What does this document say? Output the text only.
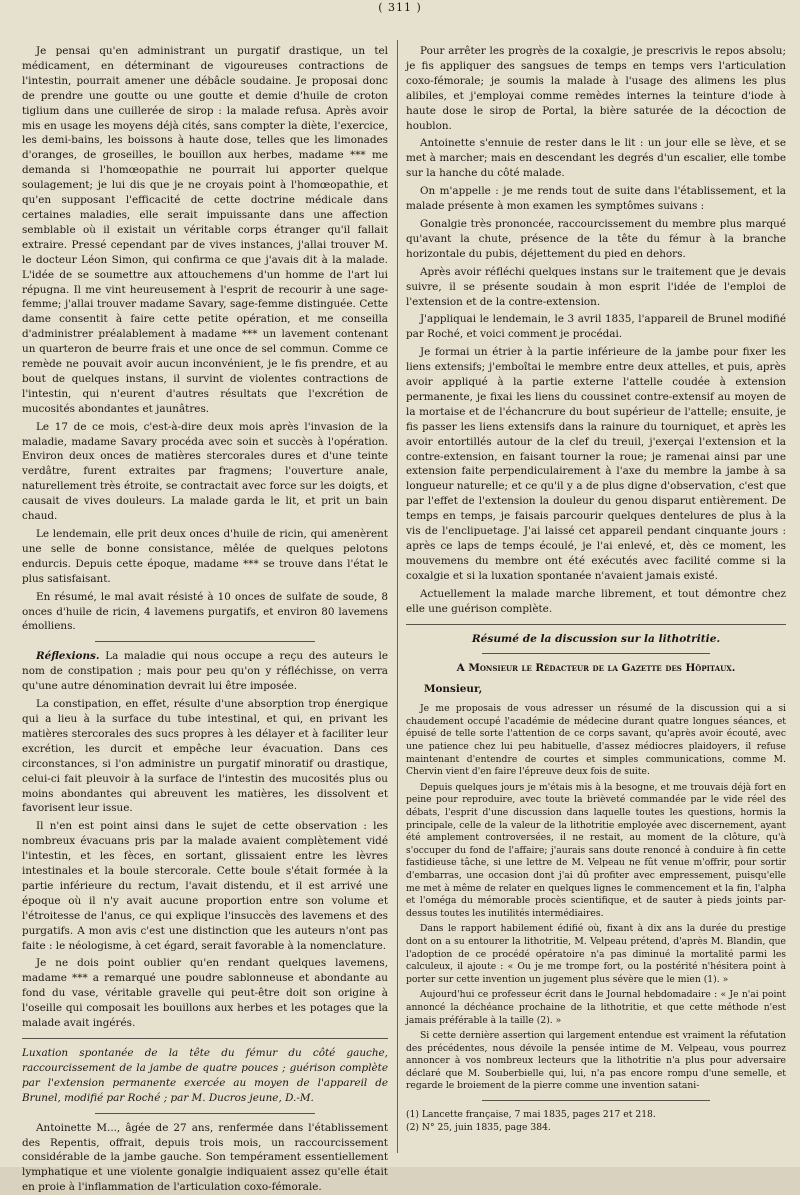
( 311 )

Je pensai qu'en administrant un purgatif drastique, un tel médicament, en déterminant de vigoureuses contractions de l'intestin, pourrait amener une débâcle soudaine. Je proposai donc de prendre une goutte ou une goutte et demie d'huile de croton tiglium dans une cuillerée de sirop : la malade refusa. Après avoir mis en usage les moyens déjà cités, sans compter la diète, l'exercice, les demi-bains, les boissons à haute dose, telles que les limonades d'oranges, de groseilles, le bouillon aux herbes, madame *** me demanda si l'homœopathie ne pourrait lui apporter quelque soulagement; je lui dis que je ne croyais point à l'homœopathie, et qu'en supposant l'efficacité de cette doctrine médicale dans certaines maladies, elle serait impuissante dans une affection semblable où il existait un véritable corps étranger qu'il fallait extraire. Pressé cependant par de vives instances, j'allai trouver M. le docteur Léon Simon, qui confirma ce que j'avais dit à la malade. L'idée de se soumettre aux attouchemens d'un homme de l'art lui répugna. Il me vint heureusement à l'esprit de recourir à une sage-femme; j'allai trouver madame Savary, sage-femme distinguée. Cette dame consentit à faire cette petite opération, et me conseilla d'administrer préalablement à madame *** un lavement contenant un quarteron de beurre frais et une once de sel commun. Comme ce remède ne pouvait avoir aucun inconvénient, je le fis prendre, et au bout de quelques instans, il survint de violentes contractions de l'intestin, qui n'eurent d'autres résultats que l'excrétion de mucosités abondantes et jaunâtres.

Le 17 de ce mois, c'est-à-dire deux mois après l'invasion de la maladie, madame Savary procéda avec soin et succès à l'opération. Environ deux onces de matières stercorales dures et d'une teinte verdâtre, furent extraites par fragmens; l'ouverture anale, naturellement très étroite, se contractait avec force sur les doigts, et causait de vives douleurs. La malade garda le lit, et prit un bain chaud.

Le lendemain, elle prit deux onces d'huile de ricin, qui amenèrent une selle de bonne consistance, mêlée de quelques pelotons endurcis. Depuis cette époque, madame *** se trouve dans l'état le plus satisfaisant.

En résumé, le mal avait résisté à 10 onces de sulfate de soude, 8 onces d'huile de ricin, 4 lavemens purgatifs, et environ 80 lavemens émolliens.

Réflexions. La maladie qui nous occupe a reçu des auteurs le nom de constipation ; mais pour peu qu'on y réfléchisse, on verra qu'une autre dénomination devrait lui être imposée.

La constipation, en effet, résulte d'une absorption trop énergique qui a lieu à la surface du tube intestinal, et qui, en privant les matières stercorales des sucs propres à les délayer et à faciliter leur excrétion, les durcit et empêche leur évacuation. Dans ces circonstances, si l'on administre un purgatif minoratif ou drastique, celui-ci fait pleuvoir à la surface de l'intestin des mucosités plus ou moins abondantes qui abreuvent les matières, les dissolvent et favorisent leur issue.

Il n'en est point ainsi dans le sujet de cette observation : les nombreux évacuans pris par la malade avaient complètement vidé l'intestin, et les fèces, en sortant, glissaient entre les lèvres intestinales et la boule stercorale. Cette boule s'était formée à la partie inférieure du rectum, l'avait distendu, et il est arrivé une époque où il n'y avait aucune proportion entre son volume et l'étroitesse de l'anus, ce qui explique l'insuccès des lavemens et des purgatifs. A mon avis c'est une distinction que les auteurs n'ont pas faite : le néologisme, à cet égard, serait favorable à la nomenclature.

Je ne dois point oublier qu'en rendant quelques lavemens, madame *** a remarqué une poudre sablonneuse et abondante au fond du vase, véritable gravelle qui peut-être doit son origine à l'oseille qui composait les bouillons aux herbes et les potages que la malade avait ingérés.

Luxation spontanée de la tête du fémur du côté gauche, raccourcissement de la jambe de quatre pouces ; guérison complète par l'extension permanente exercée au moyen de l'appareil de Brunel, modifié par Roché ; par M. Ducros jeune, D.-M.

Antoinette M..., âgée de 27 ans, renfermée dans l'établissement des Repentis, offrait, depuis trois mois, un raccourcissement considérable de la jambe gauche. Son tempérament essentiellement lymphatique et une violente gonalgie indiquaient assez qu'elle était en proie à l'inflammation de l'articulation coxo-fémorale.

Pour arrêter les progrès de la coxalgie, je prescrivis le repos absolu; je fis appliquer des sangsues de temps en temps vers l'articulation coxo-fémorale; je soumis la malade à l'usage des alimens les plus alibiles, et j'employai comme remèdes internes la teinture d'iode à haute dose le sirop de Portal, la bière saturée de la décoction de houblon.

Antoinette s'ennuie de rester dans le lit : un jour elle se lève, et se met à marcher; mais en descendant les degrés d'un escalier, elle tombe sur la hanche du côté malade.

On m'appelle : je me rends tout de suite dans l'établissement, et la malade présente à mon examen les symptômes suivans :

Gonalgie très prononcée, raccourcissement du membre plus marqué qu'avant la chute, présence de la tête du fémur à la branche horizontale du pubis, déjettement du pied en dehors.

Après avoir réfléchi quelques instans sur le traitement que je devais suivre, il se présente soudain à mon esprit l'idée de l'emploi de l'extension et de la contre-extension.

J'appliquai le lendemain, le 3 avril 1835, l'appareil de Brunel modifié par Roché, et voici comment je procédai.

Je formai un étrier à la partie inférieure de la jambe pour fixer les liens extensifs; j'emboîtai le membre entre deux attelles, et puis, après avoir appliqué à la partie externe l'attelle coudée à extension permanente, je fixai les liens du coussinet contre-extensif au moyen de la mortaise et de l'échancrure du bout supérieur de l'attelle; ensuite, je fis passer les liens extensifs dans la rainure du tourniquet, et après les avoir entortillés autour de la clef du treuil, j'exerçai l'extension et la contre-extension, en faisant tourner la roue; je ramenai ainsi par une extension faite perpendiculairement à l'axe du membre la jambe à sa longueur naturelle; et ce qu'il y a de plus digne d'observation, c'est que par l'effet de l'extension la douleur du genou disparut entièrement. De temps en temps, je faisais parcourir quelques dentelures de plus à la vis de l'enclipuetage. J'ai laissé cet appareil pendant cinquante jours : après ce laps de temps écoulé, je l'ai enlevé, et, dès ce moment, les mouvemens du membre ont été exécutés avec facilité comme si la coxalgie et si la luxation spontanée n'avaient jamais existé.

Actuellement la malade marche librement, et tout démontre chez elle une guérison complète.

Résumé de la discussion sur la lithotritie.
A Monsieur le Rédacteur de la Gazette des Hôpitaux.
Monsieur,

Je me proposais de vous adresser un résumé de la discussion qui a si chaudement occupé l'académie de médecine durant quatre longues séances, et épuisé de telle sorte l'attention de ce corps savant, qu'après avoir écouté, avec une patience chez lui peu habituelle, d'assez médiocres plaidoyers, il refuse maintenant d'entendre de courtes et simples communications, comme M. Chervin vient d'en faire l'épreuve deux fois de suite.

Depuis quelques jours je m'étais mis à la besogne, et me trouvais déjà fort en peine pour reproduire, avec toute la brièveté commandée par le vide réel des débats, l'esprit d'une discussion dans laquelle toutes les questions, hormis la principale, celle de la valeur de la lithotritie employée avec discernement, ayant été amplement controversées, il ne restait, au moment de la clôture, qu'à s'occuper du fond de l'affaire; j'aurais sans doute renoncé à conduire à fin cette fastidieuse tâche, si une lettre de M. Velpeau ne fût venue m'offrir, pour sortir d'embarras, une occasion dont j'ai dû profiter avec empressement, puisqu'elle me met à même de relater en quelques lignes le commencement et la fin, l'alpha et l'oméga du mémorable procès scientifique, et de sauter à pieds joints par-dessus toutes les inutilités intermédiaires.

Dans le rapport habilement édifié où, fixant à dix ans la durée du prestige dont on a su entourer la lithotritie, M. Velpeau prétend, d'après M. Blandin, que l'adoption de ce procédé opératoire n'a pas diminué la mortalité parmi les calculeux, il ajoute : « Ou je me trompe fort, ou la postérité n'hésitera point à porter sur cette invention un jugement plus sévère que le mien (1). »

Aujourd'hui ce professeur écrit dans le Journal hebdomadaire : « Je n'ai point annoncé la déchéance prochaine de la lithotritie, et que cette méthode n'est jamais préférable à la taille (2). »

Si cette dernière assertion qui largement entendue est vraiment la réfutation des précédentes, nous dévoile la pensée intime de M. Velpeau, vous pourrez annoncer à vos nombreux lecteurs que la lithotritie n'a plus pour adversaire déclaré que M. Souberbielle qui, lui, n'a pas encore rompu d'une semelle, et regarde le broiement de la pierre comme une invention satani-

(1) Lancette française, 7 mai 1835, pages 217 et 218.
(2) N° 25, juin 1835, page 384.
